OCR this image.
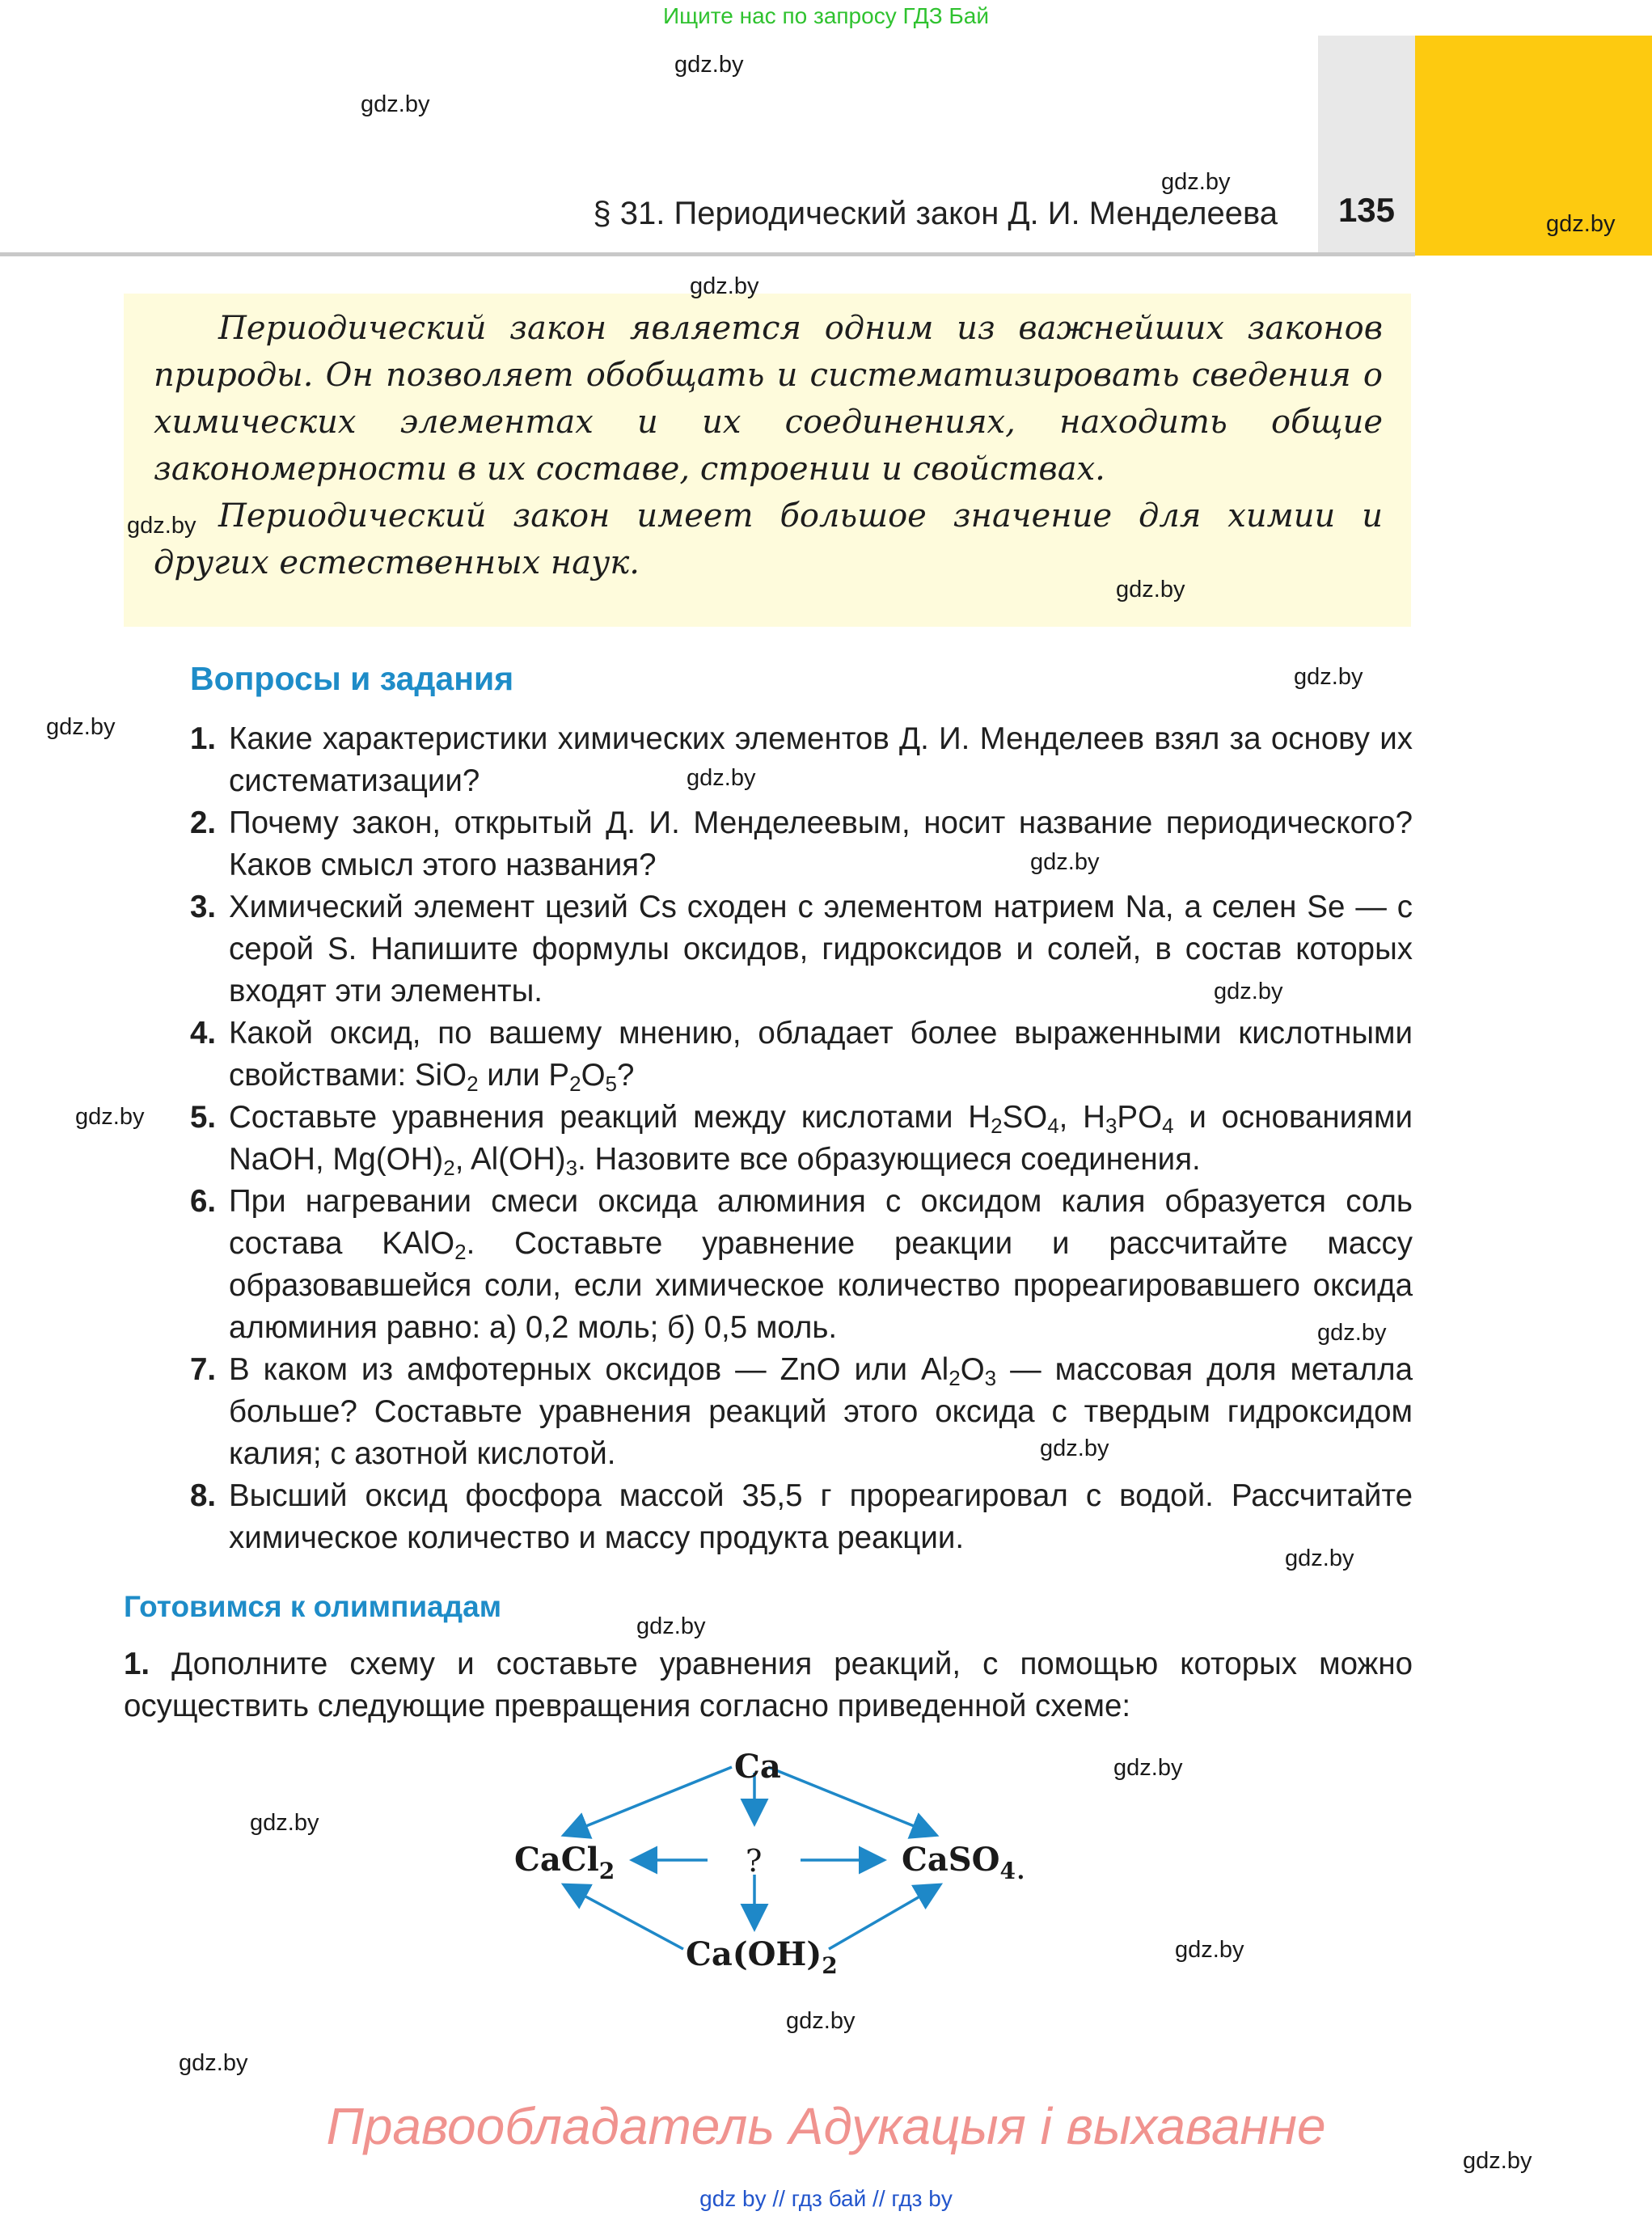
Ищите нас по запросу ГДЗ Бай
§ 31. Периодический закон Д. И. Менделеева	135

Периодический закон является одним из важнейших законов природы. Он позволяет обобщать и систематизировать сведения о химических элементах и их соединениях, находить общие закономерности в их составе, строении и свойствах.

Периодический закон имеет большое значение для химии и других естественных наук.

Вопросы и задания
1. Какие характеристики химических элементов Д. И. Менделеев взял за основу их систематизации?
2. Почему закон, открытый Д. И. Менделеевым, носит название периодического? Каков смысл этого названия?
3. Химический элемент цезий Cs сходен с элементом натрием Na, а селен Se — с серой S. Напишите формулы оксидов, гидроксидов и солей, в состав которых входят эти элементы.
4. Какой оксид, по вашему мнению, обладает более выраженными кислотными свойствами: SiO$_2$ или $P_2O_5$?
5. Составьте уравнения реакций между кислотами $H_2SO_4$, $H_3PO_4$ и основаниями NaOH, $Mg(OH)_2$, $Al(OH)_3$. Назовите все образующиеся соединения.
6. При нагревании смеси оксида алюминия с оксидом калия образуется соль состава KAlO$_2$. Составьте уравнение реакции и рассчитайте массу образовавшейся соли, если химическое количество прореагировавшего оксида алюминия равно: а) 0,2 моль; б) 0,5 моль.
7. В каком из амфотерных оксидов — ZnO или $Al_2O_3$ — массовая доля металла больше? Составьте уравнения реакций этого оксида с твердым гидроксидом калия; с азотной кислотой.
8. Высший оксид фосфора массой 35,5 г прореагировал с водой. Рассчитайте химическое количество и массу продукта реакции.
Готовимся к олимпиадам
1. Дополните схему и составьте уравнения реакций, с помощью которых можно осуществить следующие превращения согласно приведенной схеме:
Ca
CaCl$_2$	?	CaSO$_4$.
$Ca(OH)_2$
gdz.by
gdz.by
gdz.by
gdz.by
gdz.by
gdz.by
gdz.by
gdz.by
gdz.by
gdz.by
gdz.by
gdz.by
gdz.by
gdz.by
gdz.by
gdz.by
gdz.by
gdz.by
gdz.by
gdz.by
gdz.by
gdz.by
gdz.by
Правообладатель Адукацыя і выхаванне
gdz by // гдз бай // гдз by
